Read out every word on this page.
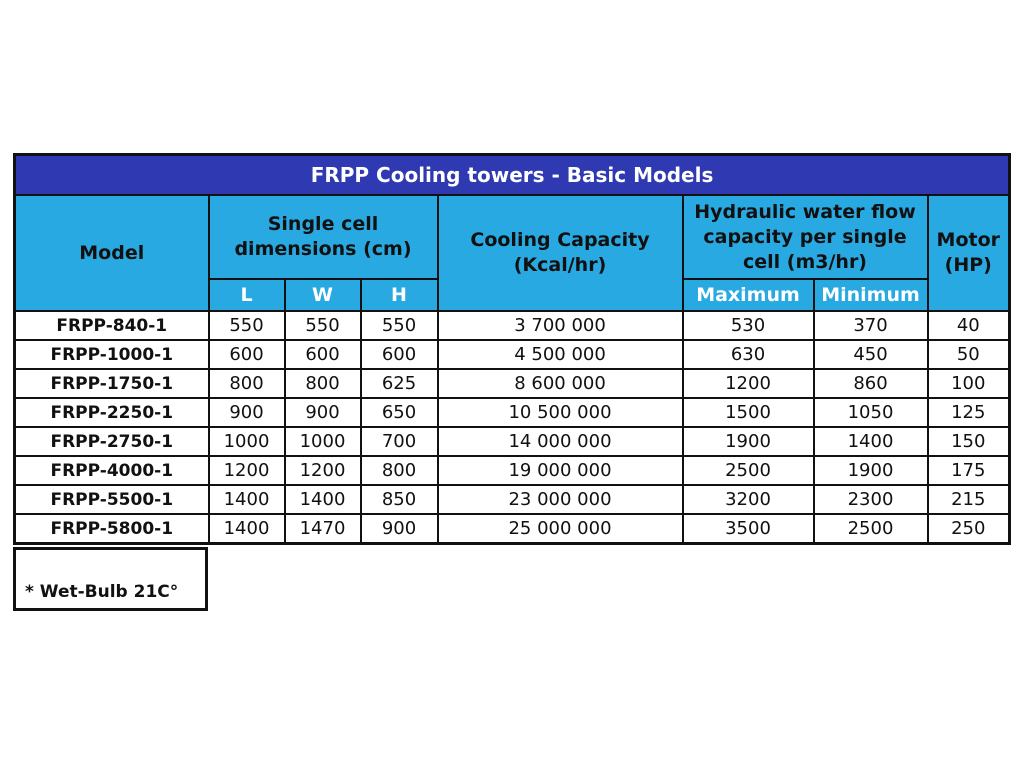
FRPP Cooling towers - Basic Models							
Model	Single cell dimensions (cm)			Cooling Capacity (Kcal/hr)	Hydraulic water flow capacity per single cell (m3/hr)		Motor (HP)
	L	W	H		Maximum	Minimum	
FRPP-840-1	550	550	550	3 700 000	530	370	40
FRPP-1000-1	600	600	600	4 500 000	630	450	50
FRPP-1750-1	800	800	625	8 600 000	1200	860	100
FRPP-2250-1	900	900	650	10 500 000	1500	1050	125
FRPP-2750-1	1000	1000	700	14 000 000	1900	1400	150
FRPP-4000-1	1200	1200	800	19 000 000	2500	1900	175
FRPP-5500-1	1400	1400	850	23 000 000	3200	2300	215
FRPP-5800-1	1400	1470	900	25 000 000	3500	2500	250
* Wet-Bulb 21C°
